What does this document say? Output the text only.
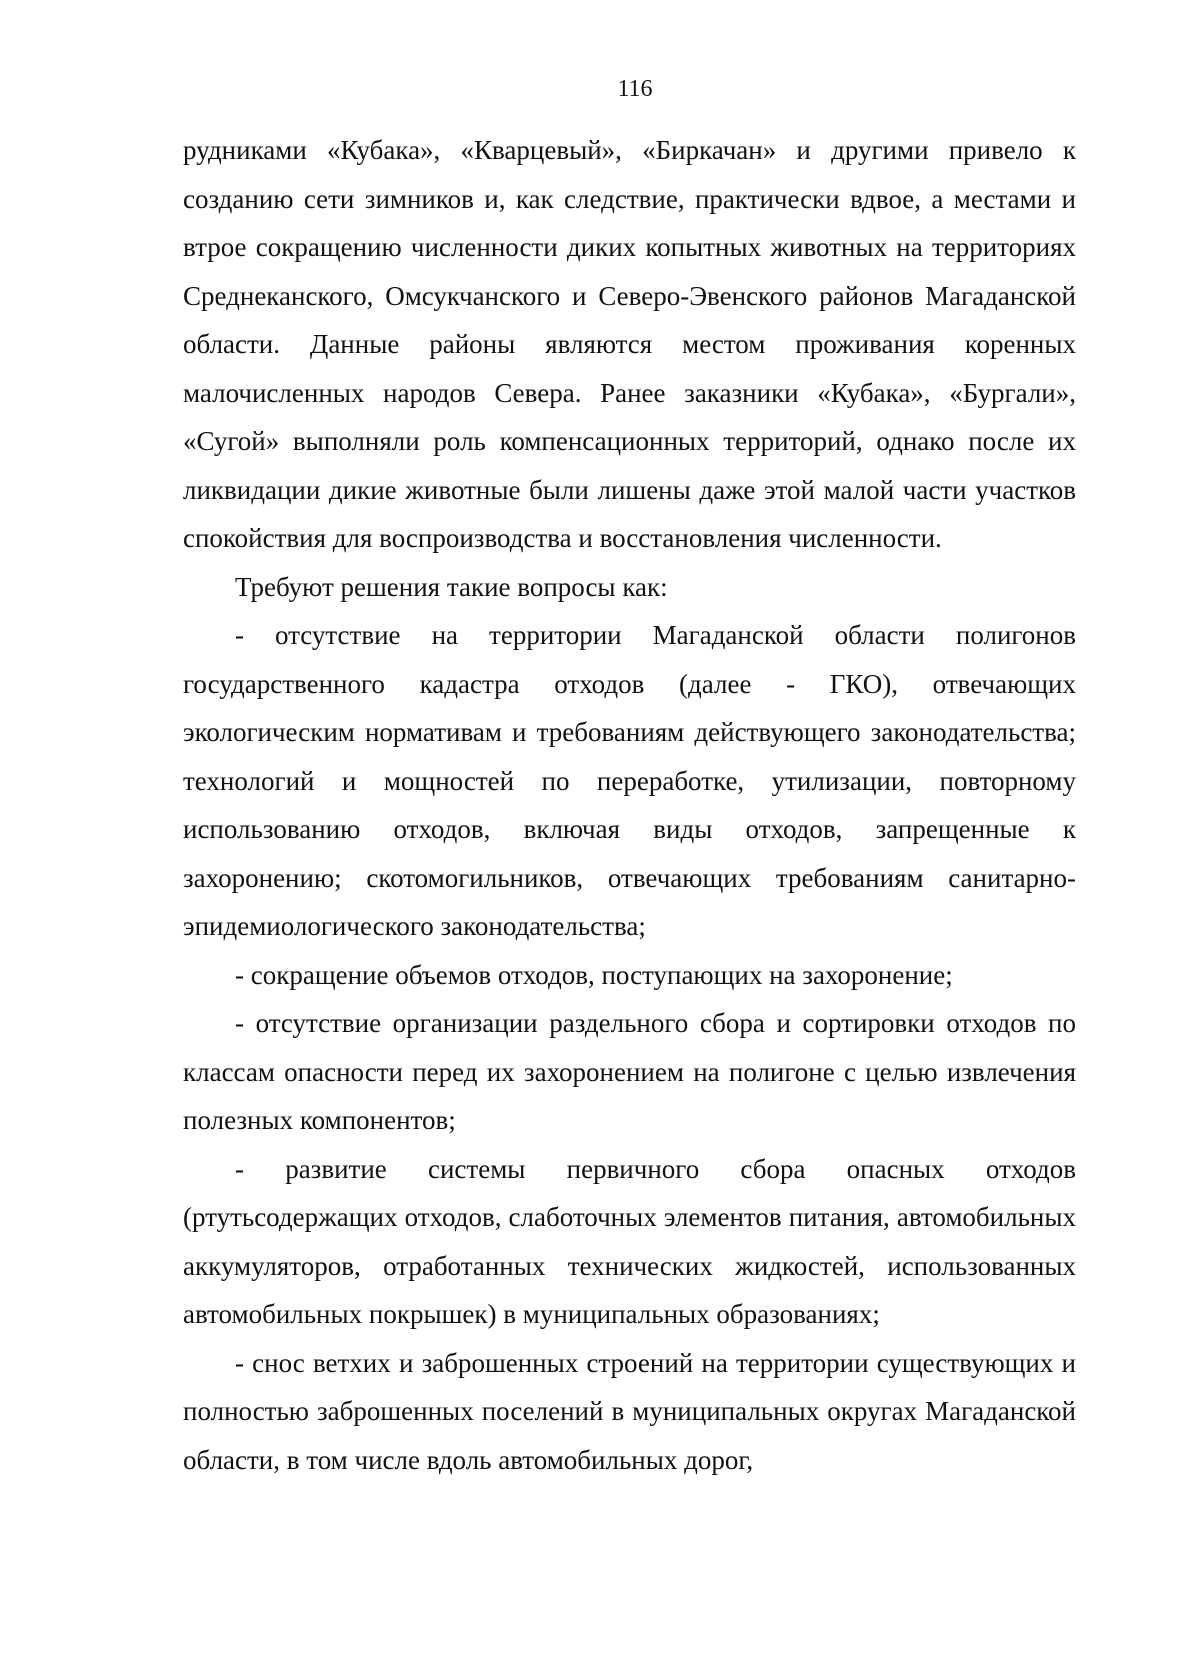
116

рудниками «Кубака», «Кварцевый», «Биркачан» и другими привело к созданию сети зимников и, как следствие, практически вдвое, а местами и втрое сокращению численности диких копытных животных на территориях Среднеканского, Омсукчанского и Северо-Эвенского районов Магаданской области. Данные районы являются местом проживания коренных малочисленных народов Севера. Ранее заказники «Кубака», «Бургали», «Сугой» выполняли роль компенсационных территорий, однако после их ликвидации дикие животные были лишены даже этой малой части участков спокойствия для воспроизводства и восстановления численности.

Требуют решения такие вопросы как:

- отсутствие на территории Магаданской области полигонов государственного кадастра отходов (далее - ГКО), отвечающих экологическим нормативам и требованиям действующего законодательства; технологий и мощностей по переработке, утилизации, повторному использованию отходов, включая виды отходов, запрещенные к захоронению; скотомогильников, отвечающих требованиям санитарно-эпидемиологического законодательства;

- сокращение объемов отходов, поступающих на захоронение;

- отсутствие организации раздельного сбора и сортировки отходов по классам опасности перед их захоронением на полигоне с целью извлечения полезных компонентов;

- развитие системы первичного сбора опасных отходов (ртутьсодержащих отходов, слаботочных элементов питания, автомобильных аккумуляторов, отработанных технических жидкостей, использованных автомобильных покрышек) в муниципальных образованиях;

- снос ветхих и заброшенных строений на территории существующих и полностью заброшенных поселений в муниципальных округах Магаданской области, в том числе вдоль автомобильных дорог,
